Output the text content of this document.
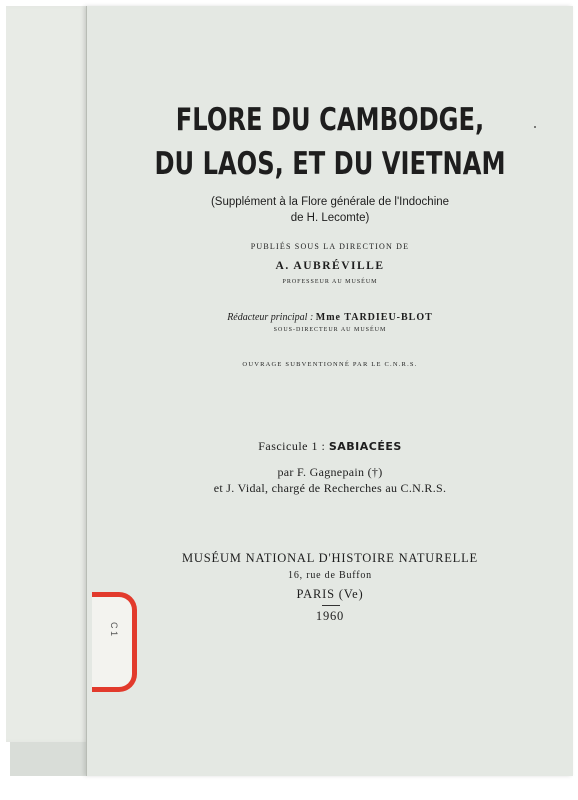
FLORE DU CAMBODGE,
DU LAOS, ET DU VIETNAM
(Supplément à la Flore générale de l'Indochine
de H. Lecomte)
PUBLIÉS SOUS LA DIRECTION DE
A. AUBRÉVILLE
PROFESSEUR AU MUSÉUM
Rédacteur principal : Mme TARDIEU-BLOT
SOUS-DIRECTEUR AU MUSÉUM
OUVRAGE SUBVENTIONNÉ PAR LE C.N.R.S.
Fascicule 1 : SABIACÉES
par F. Gagnepain (†)
et J. Vidal, chargé de Recherches au C.N.R.S.
MUSÉUM NATIONAL D'HISTOIRE NATURELLE
16, rue de Buffon
PARIS (Ve)
1960
C 1
